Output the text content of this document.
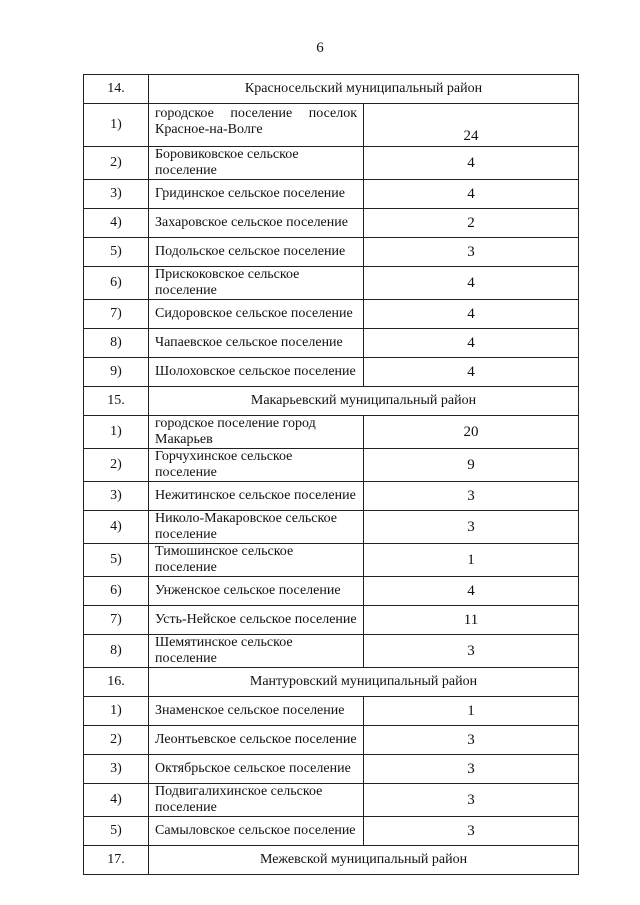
6
14.	Красносельский муниципальный район	
1)	городское поселение поселок Красное-на-Волге	24
2)	Боровиковское сельское поселение	4
3)	Гридинское сельское поселение	4
4)	Захаровское сельское поселение	2
5)	Подольское сельское поселение	3
6)	Прискоковское сельское поселение	4
7)	Сидоровское сельское поселение	4
8)	Чапаевское сельское поселение	4
9)	Шолоховское сельское поселение	4
15.	Макарьевский муниципальный район	
1)	городское поселение город Макарьев	20
2)	Горчухинское сельское поселение	9
3)	Нежитинское сельское поселение	3
4)	Николо-Макаровское сельское поселение	3
5)	Тимошинское сельское поселение	1
6)	Унженское сельское поселение	4
7)	Усть-Нейское сельское поселение	11
8)	Шемятинское сельское поселение	3
16.	Мантуровский муниципальный район	
1)	Знаменское сельское поселение	1
2)	Леонтьевское сельское поселение	3
3)	Октябрьское сельское поселение	3
4)	Подвигалихинское сельское поселение	3
5)	Самыловское сельское поселение	3
17.	Межевской муниципальный район	
